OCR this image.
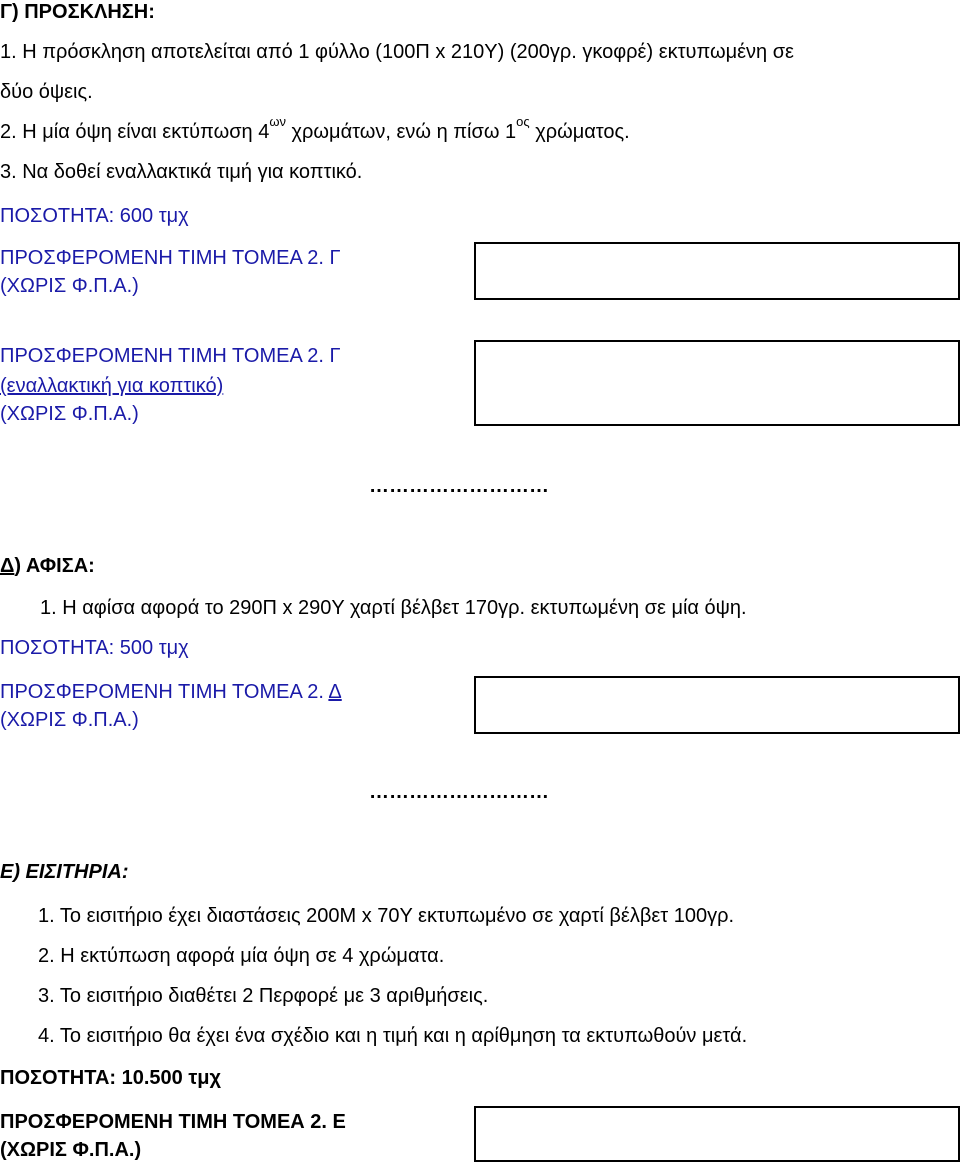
Γ) ΠΡΟΣΚΛΗΣΗ:
1. Η πρόσκληση αποτελείται από 1 φύλλο (100Π x 210Υ) (200γρ. γκοφρέ) εκτυπωμένη σε
δύο όψεις.
2. Η μία όψη είναι εκτύπωση $4^{\omega\nu}$ χρωμάτων, ενώ η πίσω $1^{o\varsigma}$ χρώματος.
3. Να δοθεί εναλλακτικά τιμή για κοπτικό.
ΠΟΣΟΤΗΤΑ: 600 τμχ
ΠΡΟΣΦΕΡΟΜΕΝΗ ΤΙΜΗ ΤΟΜΕΑ 2. Γ
(ΧΩΡΙΣ Φ.Π.Α.)
ΠΡΟΣΦΕΡΟΜΕΝΗ ΤΙΜΗ ΤΟΜΕΑ 2. Γ
(εναλλακτική για κοπτικό)
(ΧΩΡΙΣ Φ.Π.Α.)
………………………
Δ) ΑΦΙΣΑ:
1. Η αφίσα αφορά το 290Π x 290Υ χαρτί βέλβετ 170γρ. εκτυπωμένη σε μία όψη.
ΠΟΣΟΤΗΤΑ: 500 τμχ
ΠΡΟΣΦΕΡΟΜΕΝΗ ΤΙΜΗ ΤΟΜΕΑ 2. Δ
(ΧΩΡΙΣ Φ.Π.Α.)
………………………
Ε) ΕΙΣΙΤΗΡΙΑ:
1. Το εισιτήριο έχει διαστάσεις 200Μ x 70Υ εκτυπωμένο σε χαρτί βέλβετ 100γρ.
2. Η εκτύπωση αφορά μία όψη σε 4 χρώματα.
3. Το εισιτήριο διαθέτει 2 Περφορέ με 3 αριθμήσεις.
4. Το εισιτήριο θα έχει ένα σχέδιο και η τιμή και η αρίθμηση τα εκτυπωθούν μετά.
ΠΟΣΟΤΗΤΑ: 10.500 τμχ
ΠΡΟΣΦΕΡΟΜΕΝΗ ΤΙΜΗ ΤΟΜΕΑ 2. Ε
(ΧΩΡΙΣ Φ.Π.Α.)
